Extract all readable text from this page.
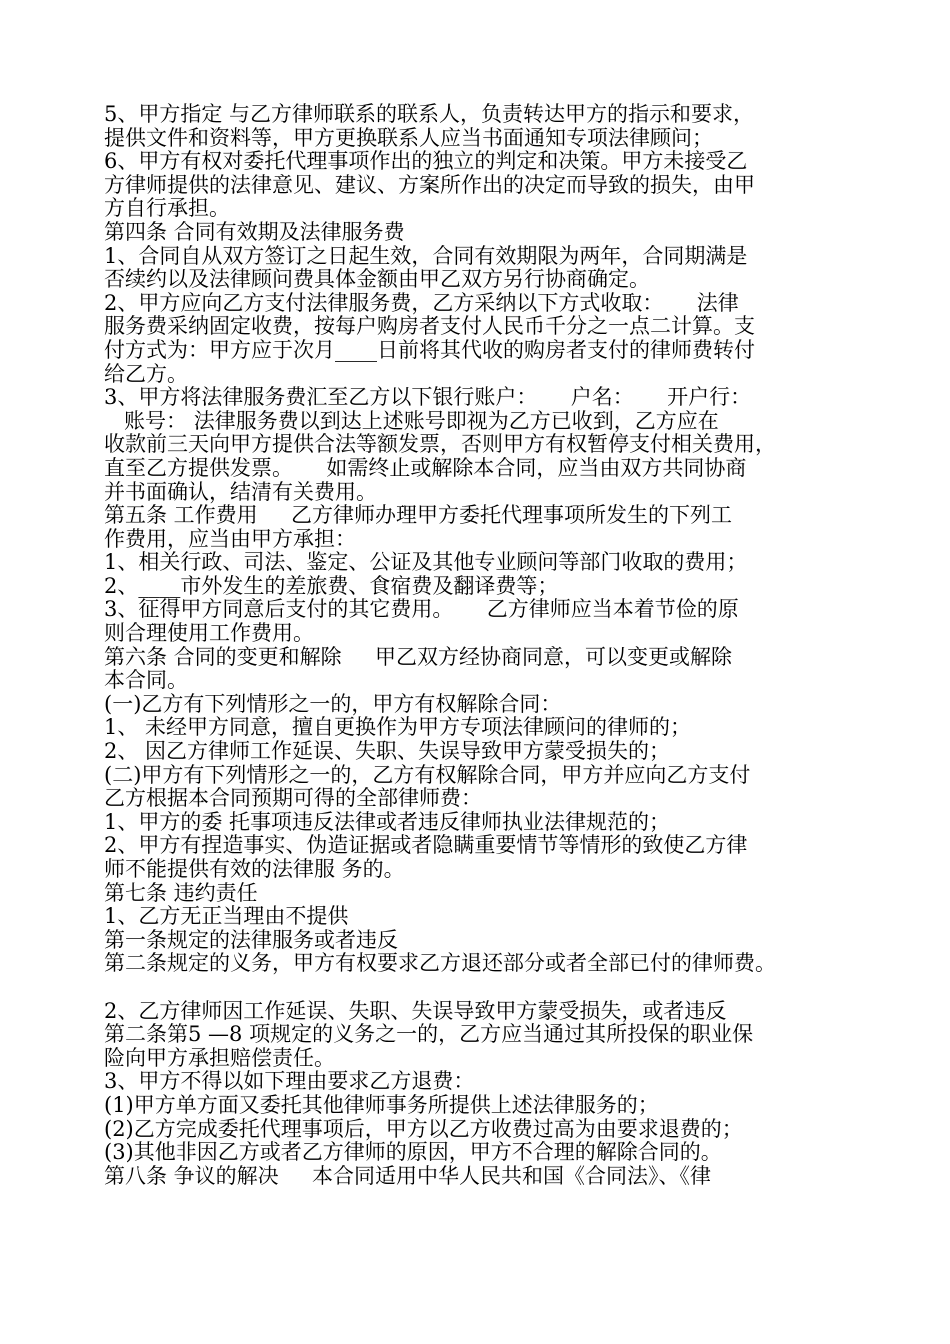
5、甲方指定 与乙方律师联系的联系人，负责转达甲方的指示和要求，
提供文件和资料等，甲方更换联系人应当书面通知专项法律顾问；
6、甲方有权对委托代理事项作出的独立的判定和决策。甲方未接受乙
方律师提供的法律意见、建议、方案所作出的决定而导致的损失，由甲
方自行承担。
第四条 合同有效期及法律服务费
1、合同自从双方签订之日起生效，合同有效期限为两年，合同期满是
否续约以及法律顾问费具体金额由甲乙双方另行协商确定。
2、甲方应向乙方支付法律服务费，乙方采纳以下方式收取：     法律
服务费采纳固定收费，按每户购房者支付人民币千分之一点二计算。支
付方式为：甲方应于次月____日前将其代收的购房者支付的律师费转付
给乙方。
3、甲方将法律服务费汇至乙方以下银行账户：     户名：     开户行：
账号： 法律服务费以到达上述账号即视为乙方已收到，乙方应在
收款前三天向甲方提供合法等额发票，否则甲方有权暂停支付相关费用，
直至乙方提供发票。     如需终止或解除本合同，应当由双方共同协商
并书面确认，结清有关费用。
第五条 工作费用     乙方律师办理甲方委托代理事项所发生的下列工
作费用，应当由甲方承担：
1、相关行政、司法、鉴定、公证及其他专业顾问等部门收取的费用；
2、____市外发生的差旅费、食宿费及翻译费等；
3、征得甲方同意后支付的其它费用。     乙方律师应当本着节俭的原
则合理使用工作费用。
第六条 合同的变更和解除     甲乙双方经协商同意，可以变更或解除
本合同。
(一)乙方有下列情形之一的，甲方有权解除合同：
1、 未经甲方同意，擅自更换作为甲方专项法律顾问的律师的；
2、 因乙方律师工作延误、失职、失误导致甲方蒙受损失的；
(二)甲方有下列情形之一的，乙方有权解除合同，甲方并应向乙方支付
乙方根据本合同预期可得的全部律师费：
1、甲方的委 托事项违反法律或者违反律师执业法律规范的；
2、甲方有捏造事实、伪造证据或者隐瞒重要情节等情形的致使乙方律
师不能提供有效的法律服 务的。
第七条 违约责任
1、乙方无正当理由不提供
第一条规定的法律服务或者违反
第二条规定的义务，甲方有权要求乙方退还部分或者全部已付的律师费。
2、乙方律师因工作延误、失职、失误导致甲方蒙受损失，或者违反
第二条第5 —8 项规定的义务之一的，乙方应当通过其所投保的职业保
险向甲方承担赔偿责任。
3、甲方不得以如下理由要求乙方退费：
(1)甲方单方面又委托其他律师事务所提供上述法律服务的；
(2)乙方完成委托代理事项后，甲方以乙方收费过高为由要求退费的；
(3)其他非因乙方或者乙方律师的原因，甲方不合理的解除合同的。
第八条 争议的解决     本合同适用中华人民共和国《合同法》、《律
